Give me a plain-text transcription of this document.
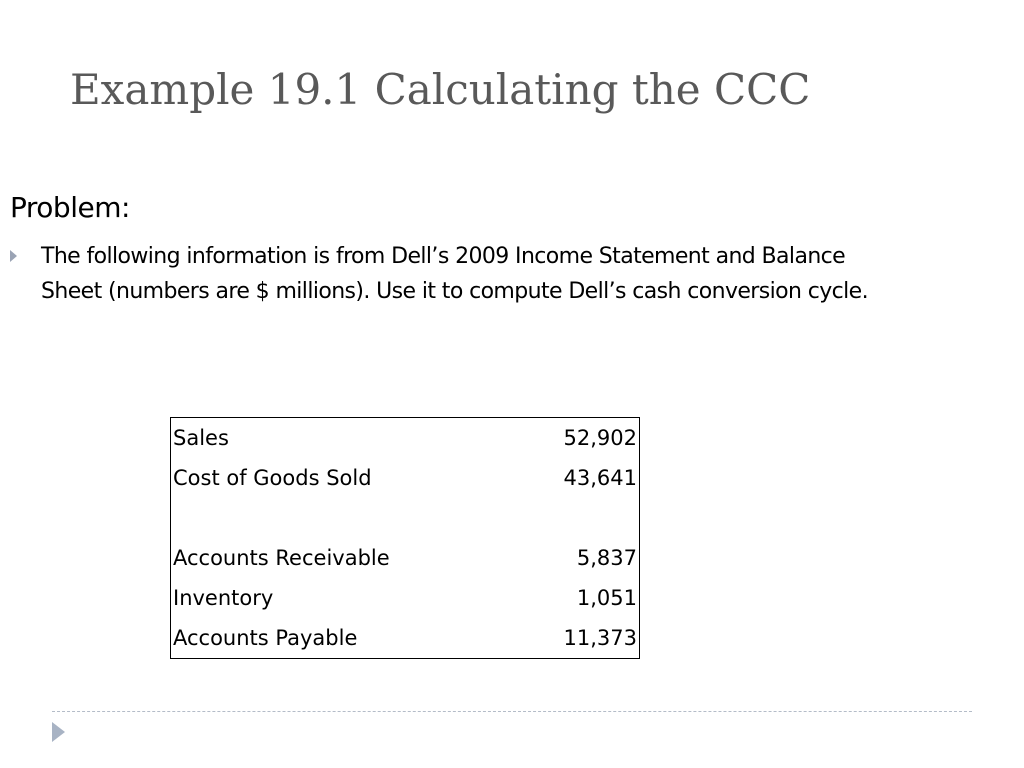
Example 19.1 Calculating the CCC
Problem:

The following information is from Dell’s 2009 Income Statement and Balance Sheet (numbers are $ millions). Use it to compute Dell’s cash conversion cycle.

Sales	52,902
Cost of Goods Sold	43,641

Accounts Receivable	5,837
Inventory	1,051
Accounts Payable	11,373
